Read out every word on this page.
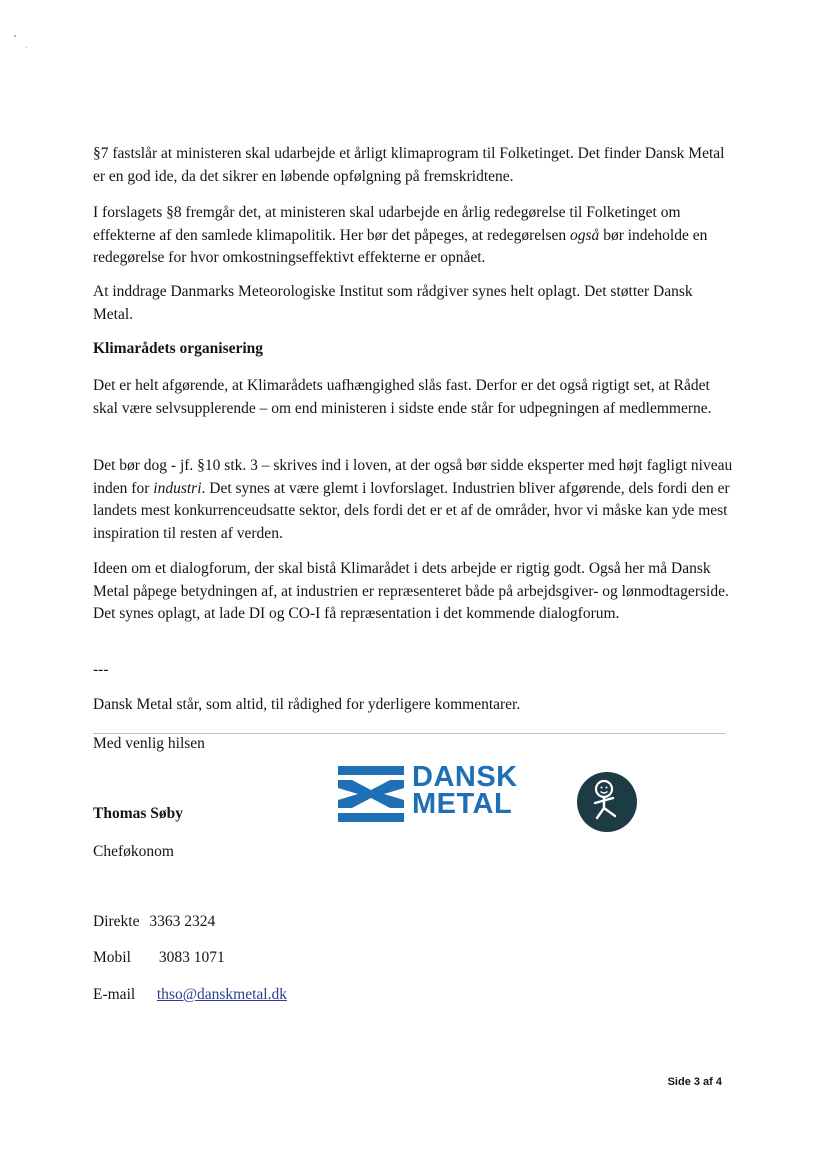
§7 fastslår at ministeren skal udarbejde et årligt klimaprogram til Folketinget. Det finder Dansk Metal er en god ide, da det sikrer en løbende opfølgning på fremskridtene.

I forslagets §8 fremgår det, at ministeren skal udarbejde en årlig redegørelse til Folketinget om effekterne af den samlede klimapolitik. Her bør det påpeges, at redegørelsen også bør indeholde en redegørelse for hvor omkostningseffektivt effekterne er opnået.

At inddrage Danmarks Meteorologiske Institut som rådgiver synes helt oplagt. Det støtter Dansk Metal.

Klimarådets organisering

Det er helt afgørende, at Klimarådets uafhængighed slås fast. Derfor er det også rigtigt set, at Rådet skal være selvsupplerende – om end ministeren i sidste ende står for udpegningen af medlemmerne.

Det bør dog - jf. §10 stk. 3 – skrives ind i loven, at der også bør sidde eksperter med højt fagligt niveau inden for industri. Det synes at være glemt i lovforslaget. Industrien bliver afgørende, dels fordi den er landets mest konkurrenceudsatte sektor, dels fordi det er et af de områder, hvor vi måske kan yde mest inspiration til resten af verden.

Ideen om et dialogforum, der skal bistå Klimarådet i dets arbejde er rigtig godt. Også her må Dansk Metal påpege betydningen af, at industrien er repræsenteret både på arbejdsgiver- og lønmodtagerside. Det synes oplagt, at lade DI og CO-I få repræsentation i det kommende dialogforum.

---
Dansk Metal står, som altid, til rådighed for yderligere kommentarer.
Med venlig hilsen
Thomas Søby
Cheføkonom
Direkte 3363 2324
Mobil 3083 1071
E-mail thso@danskmetal.dk
DANSK
METAL
Side 3 af 4
